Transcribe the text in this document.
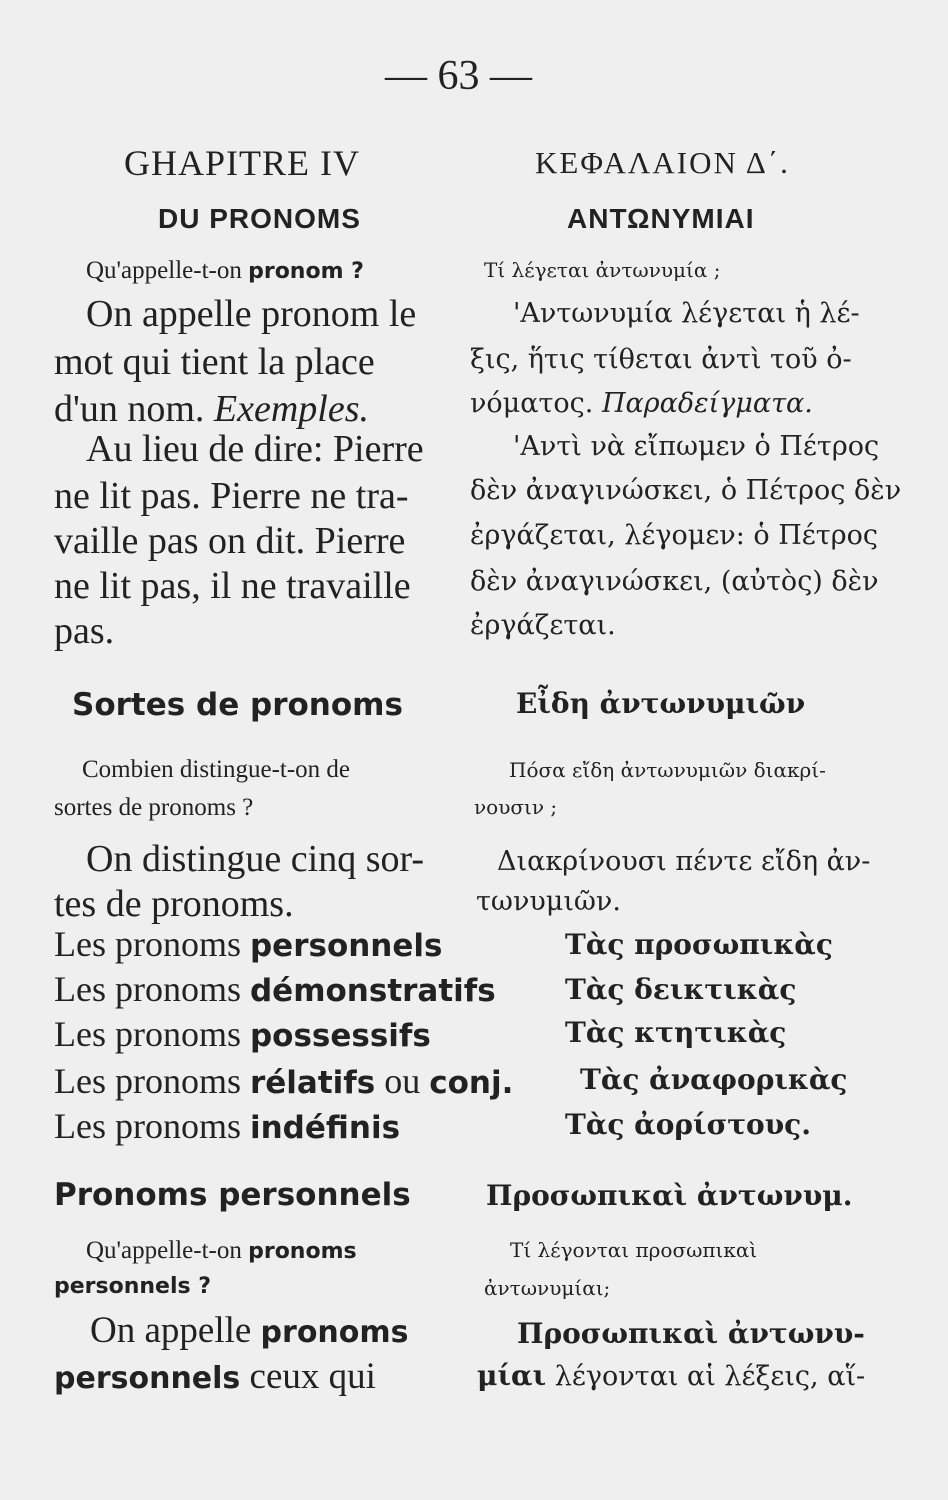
— 63 —
GHAPITRE IV	ΚΕΦΑΛΑΙΟΝ Δ΄.
DU PRONOMS	ΑΝΤΩΝΥΜΙΑΙ
Qu'appelle-t-on pronom ?	Τί λέγεται ἀντωνυμία ;
On appelle pronom le
mot qui tient la place
d'un nom. Exemples.
Au lieu de dire: Pierre
ne lit pas. Pierre ne tra-
vaille pas on dit. Pierre
ne lit pas, il ne travaille
pas.
'Αντωνυμία λέγεται ἡ λέ-
ξις, ἥτις τίθεται ἀντὶ τοῦ ὀ-
νόματος. Παραδείγματα.
'Αντὶ νὰ εἴπωμεν ὁ Πέτρος
δὲν ἀναγινώσκει, ὁ Πέτρος δὲν
ἐργάζεται, λέγομεν: ὁ Πέτρος
δὲν ἀναγινώσκει, (αὐτὸς) δὲν
ἐργάζεται.
Sortes de pronoms	Εἶδη ἀντωνυμιῶν
Combien distingue-t-on de
sortes de pronoms ?
Πόσα εἴδη ἀντωνυμιῶν διακρί-
νουσιν ;
On distingue cinq sor-
tes de pronoms.
Διακρίνουσι πέντε εἴδη ἀν-
τωνυμιῶν.
Les pronoms personnels	Τὰς προσωπικὰς
Les pronoms démonstratifs Τὰς δεικτικὰς
Les pronoms possessifs	Τὰς κτητικὰς
Les pronoms rélatifs ou conj. Τὰς ἀναφορικὰς
Les pronoms indéfinis	Τὰς ἀορίστους.
Pronoms personnels	Προσωπικαὶ ἀντωνυμ.
Qu'appelle-t-on pronoms
personnels ?
Τί λέγονται προσωπικαὶ
ἀντωνυμίαι;
On appelle pronoms
personnels ceux qui
Προσωπικαὶ ἀντωνυ-
μίαι λέγονται αἱ λέξεις, αἵ-
